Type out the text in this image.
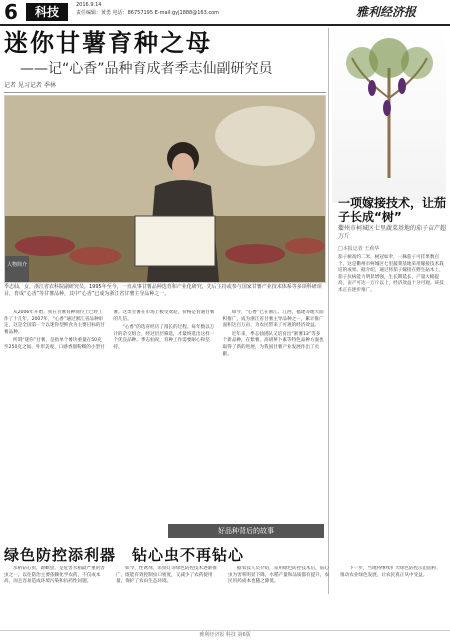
6	科技	2016.9.14
责任编辑：黄勇 电话：86757195 E-mail:gyj1888@163.com	雅利经济报
迷你甘薯育种之母
——记“心香”品种育成者季志仙副研究员
记者 见习记者 季林
人物简介
季志仙，女，浙江省农科院副研究员，1995年至今，一直从事甘薯品种选育和产业化研究，先后主持或参与国家甘薯产业技术体系等多项科研项目，育成“心香”等甘薯品种，其中“心香”已成为浙江省甘薯主导品种之一。

从2006年开始，我在甘薯育种岗位上已经工作了十几年。2007年，“心香”通过浙江省品种审定，这是全国第一个以迷你型鲜食为主要目标的甘薯品种。

所谓“迷你”甘薯，是指单个薯块重量在50克至250克之间、外形美观、口感香甜粉糯的小型甘薯。这类甘薯在市场上极受欢迎，价格是普通甘薯的几倍。

“心香”的选育经历了漫长的过程。每年数以万计的杂交组合，经过层层筛选，才最终选出这样一个优良品种。季志仙说，育种工作需要耐心和坚持。

如今，“心香”已在浙江、江西、福建等地大面积推广，成为浙江省甘薯主导品种之一，累计推广面积达百万亩，为农民带来了可观的经济效益。

近年来，季志仙团队又培育出“浙薯13”等多个新品种，在紫薯、高胡萝卜素等特色品种方面也取得了新的进展，为我国甘薯产业发展作出了贡献。

好品种背后的故事
一项嫁接技术，让茄子长成“树”
衢州市柯城区七里蔬菜基地的茄子亩产超万斤
□本报记者 王莉华
茄子树高约二米，树冠如伞，一株茄子可挂果数百个。这是衢州市柯城区七里蔬菜基地采用嫁接技术栽培的成果。据介绍，通过将茄子嫁接在野生砧木上，茄子抗病能力明显增强，生长期延长，产量大幅提高，亩产可达一万斤以上，经济效益十分可观。该技术正在逐步推广。
绿色防控添利器　钻心虫不再钻心

水稻钻心虫，即螟虫，是危害水稻最严重的害虫之一。以往防治主要依赖化学农药，不仅成本高，而且容易造成环境污染和抗药性问题。

如今，性诱剂、杀虫灯等绿色防控技术逐渐推广，既能有效控制虫口密度，又减少了农药使用量，保护了农田生态环境。

据农技人员介绍，采用绿色防控技术后，钻心虫为害率明显下降，水稻产量和品质都有提升，农民用药成本也随之降低。

下一步，当地将继续扩大绿色防控示范面积，推动农业绿色发展，让农民真正从中受益。

雅利经济报 科技 第6版
